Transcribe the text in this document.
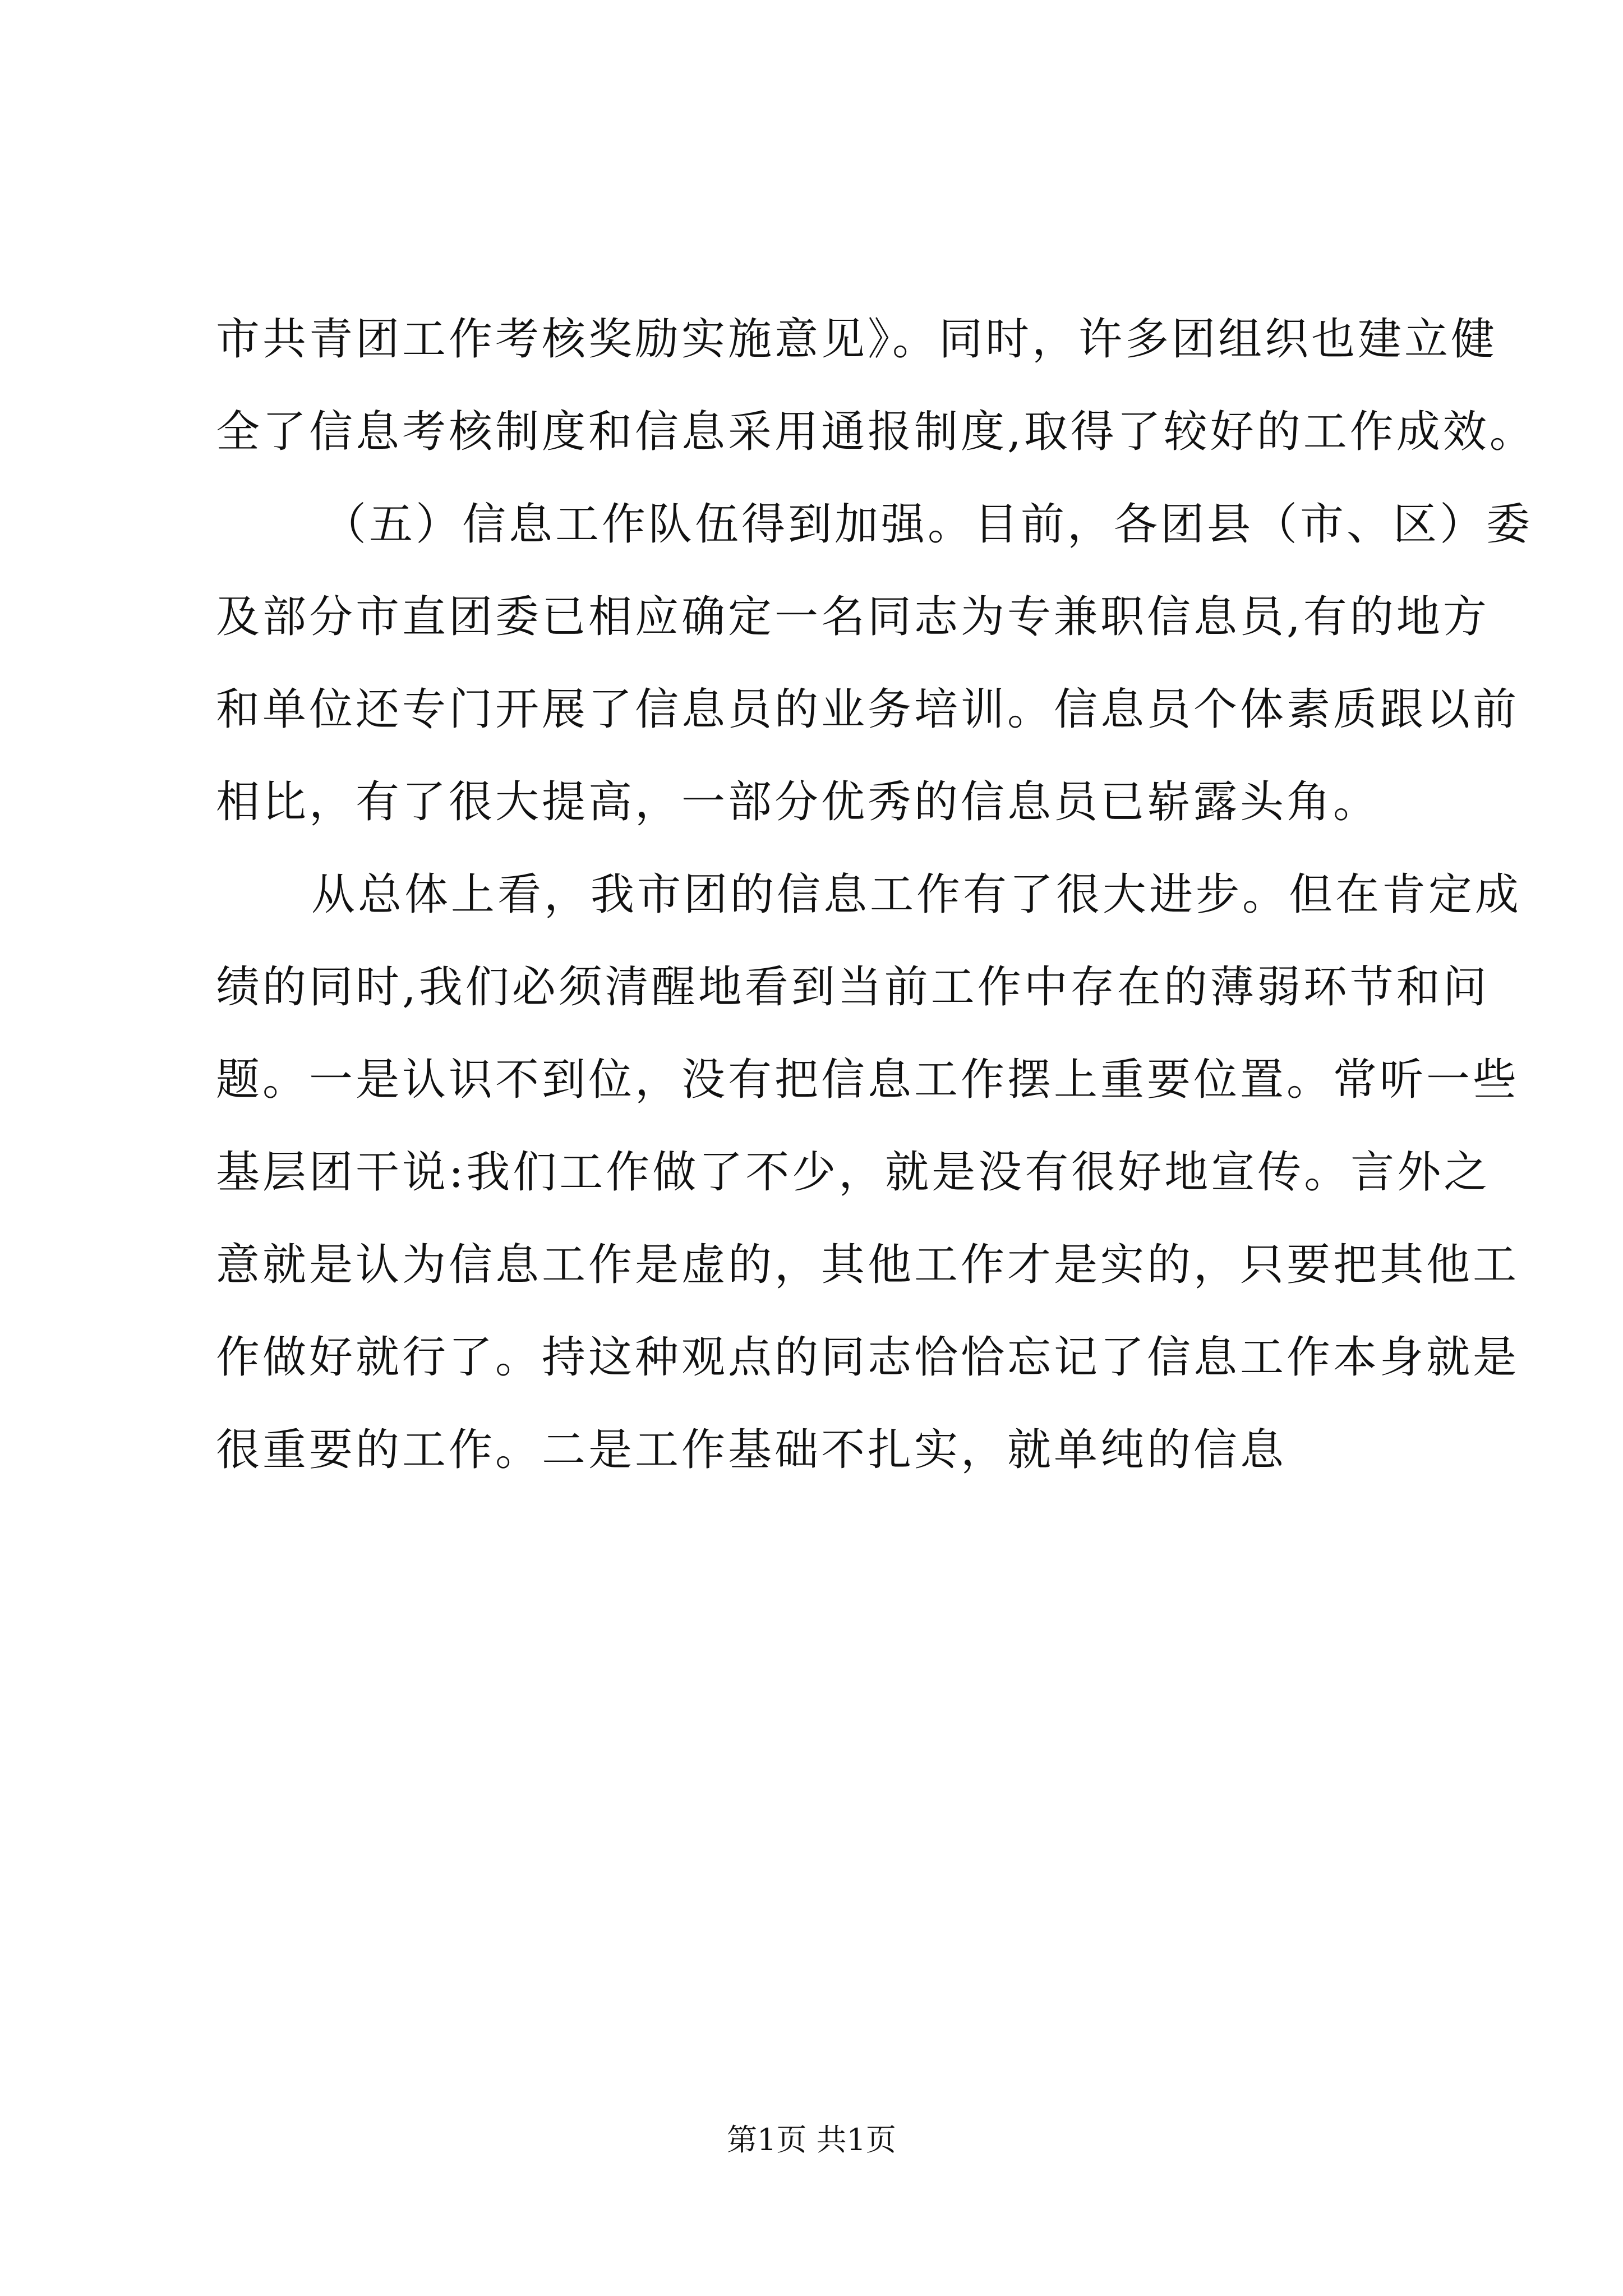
市共青团工作考核奖励实施意见》。同时，许多团组织也建立健
全了信息考核制度和信息采用通报制度,取得了较好的工作成效。
（五）信息工作队伍得到加强。目前，各团县（市、区）委
及部分市直团委已相应确定一名同志为专兼职信息员,有的地方
和单位还专门开展了信息员的业务培训。信息员个体素质跟以前
相比，有了很大提高，一部分优秀的信息员已崭露头角。
从总体上看，我市团的信息工作有了很大进步。但在肯定成
绩的同时,我们必须清醒地看到当前工作中存在的薄弱环节和问
题。一是认识不到位，没有把信息工作摆上重要位置。常听一些
基层团干说:我们工作做了不少，就是没有很好地宣传。言外之
意就是认为信息工作是虚的，其他工作才是实的，只要把其他工
作做好就行了。持这种观点的同志恰恰忘记了信息工作本身就是
很重要的工作。二是工作基础不扎实，就单纯的信息
第1页 共1页
